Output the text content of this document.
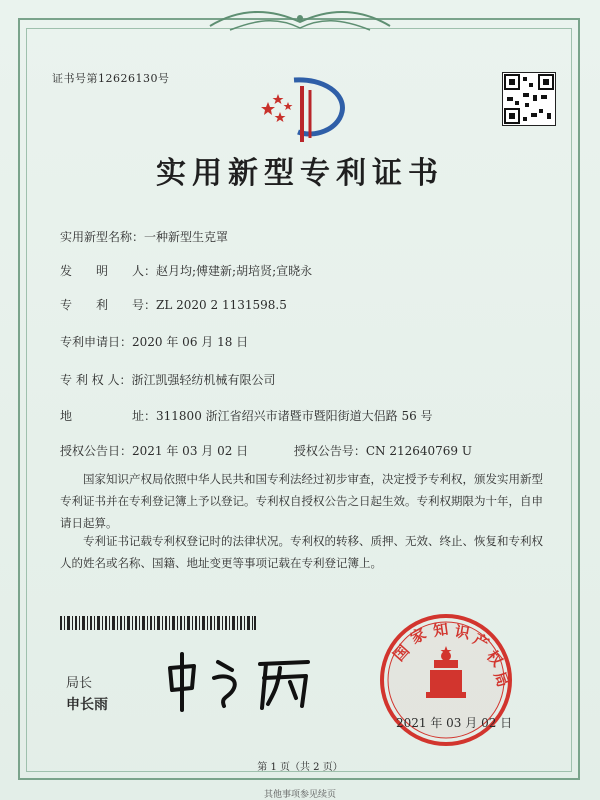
证书号第12626130号
实用新型专利证书
实用新型名称：一种新型生克罩
发　　明　　人：赵月均;傅建新;胡培贤;宣晓永
专　　利　　号：ZL 2020 2 1131598.5
专利申请日：2020 年 06 月 18 日
专 利 权 人：浙江凯强轻纺机械有限公司
地　　　　　址：311800 浙江省绍兴市诸暨市暨阳街道大侣路 56 号
授权公告日：2021 年 03 月 02 日	授权公告号：CN 212640769 U
国家知识产权局依照中华人民共和国专利法经过初步审查，决定授予专利权，颁发实用新型专利证书并在专利登记簿上予以登记。专利权自授权公告之日起生效。专利权期限为十年，自申请日起算。
专利证书记载专利权登记时的法律状况。专利权的转移、质押、无效、终止、恢复和专利权人的姓名或名称、国籍、地址变更等事项记载在专利登记簿上。
局长
申长雨
国
家 知 识
产
权
局
2021 年 03 月 02 日
第 1 页（共 2 页）
其他事项参见续页
